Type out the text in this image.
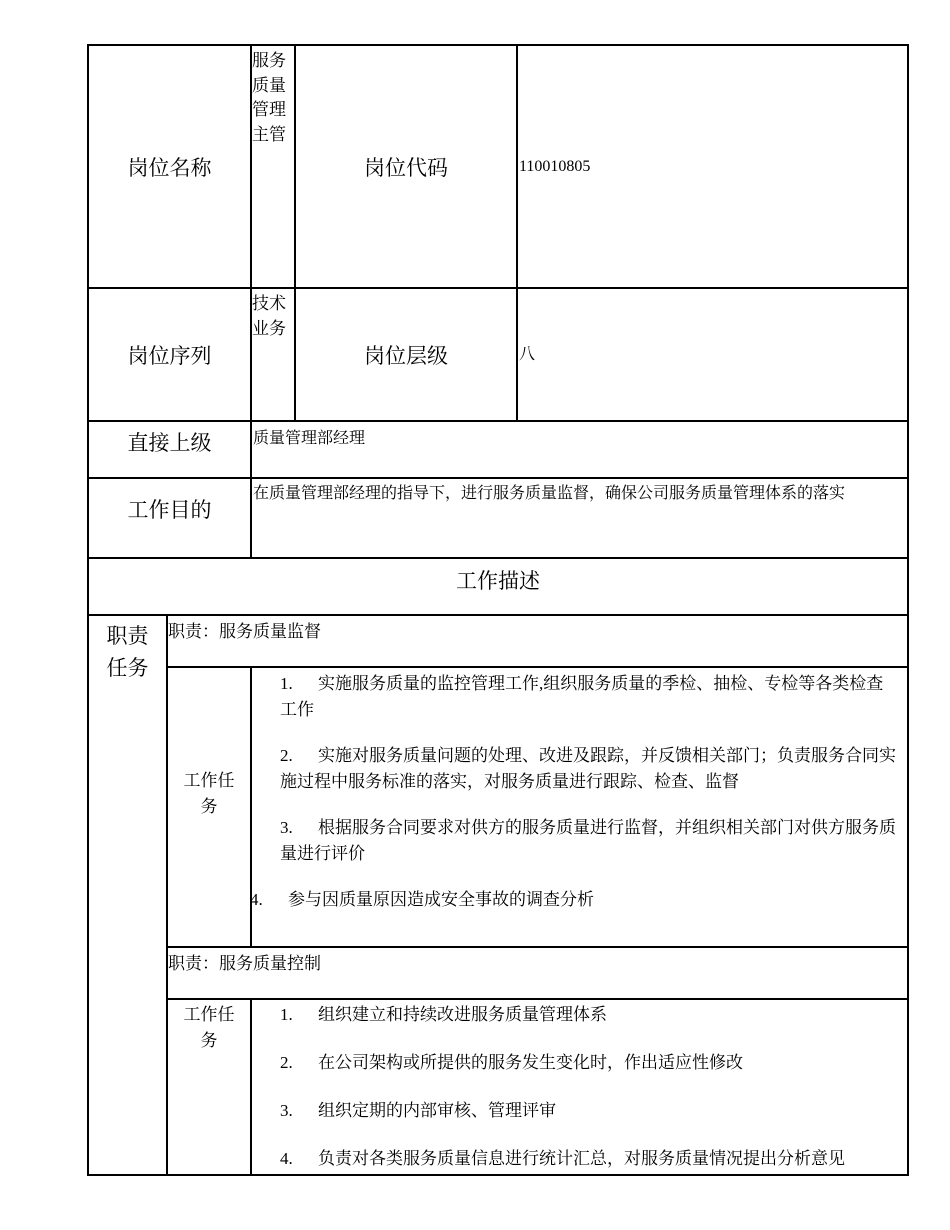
岗位名称		服务质量管理主管	岗位代码	110010805
岗位序列		技术业务	岗位层级	八
直接上级		质量管理部经理		
工作目的		在质量管理部经理的指导下，进行服务质量监督，确保公司服务质量管理体系的落实		
工作描述				

职责任务	职责：服务质量监督			

	工作任务	1. 实施服务质量的监控管理工作,组织服务质量的季检、抽检、专检等各类检查工作
2. 实施对服务质量问题的处理、改进及跟踪，并反馈相关部门；负责服务合同实施过程中服务标准的落实，对服务质量进行跟踪、检查、监督
3. 根据服务合同要求对供方的服务质量进行监督，并组织相关部门对供方服务质量进行评价
4. 参与因质量原因造成安全事故的调查分析		

	职责：服务质量控制			

	工作任务	1. 组织建立和持续改进服务质量管理体系
2. 在公司架构或所提供的服务发生变化时，作出适应性修改
3. 组织定期的内部审核、管理评审
4. 负责对各类服务质量信息进行统计汇总，对服务质量情况提出分析意见		
